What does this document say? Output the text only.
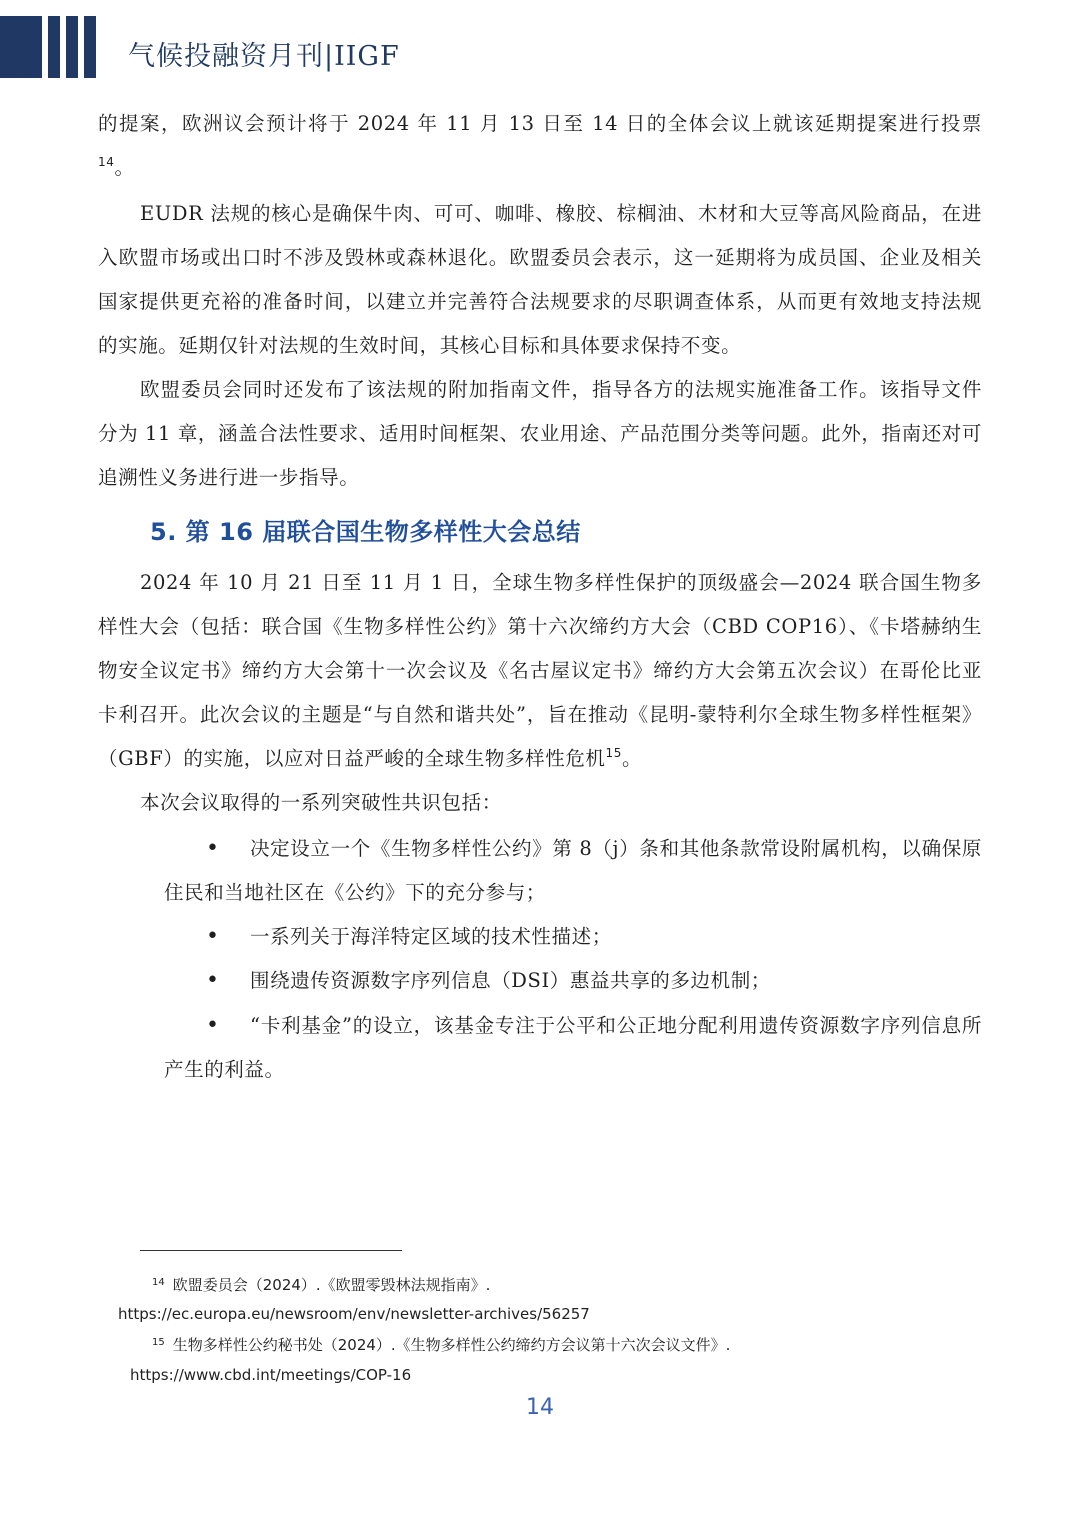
气候投融资月刊|IIGF

的提案，欧洲议会预计将于 2024 年 11 月 13 日至 14 日的全体会议上就该延期提案进行投票$^{14}$。

EUDR 法规的核心是确保牛肉、可可、咖啡、橡胶、棕榈油、木材和大豆等高风险商品，在进入欧盟市场或出口时不涉及毁林或森林退化。欧盟委员会表示，这一延期将为成员国、企业及相关国家提供更充裕的准备时间，以建立并完善符合法规要求的尽职调查体系，从而更有效地支持法规的实施。延期仅针对法规的生效时间，其核心目标和具体要求保持不变。

欧盟委员会同时还发布了该法规的附加指南文件，指导各方的法规实施准备工作。该指导文件分为 11 章，涵盖合法性要求、适用时间框架、农业用途、产品范围分类等问题。此外，指南还对可追溯性义务进行进一步指导。

5. 第 16 届联合国生物多样性大会总结

2024 年 10 月 21 日至 11 月 1 日，全球生物多样性保护的顶级盛会—2024 联合国生物多样性大会（包括：联合国《生物多样性公约》第十六次缔约方大会（CBD COP16）、《卡塔赫纳生物安全议定书》缔约方大会第十一次会议及《名古屋议定书》缔约方大会第五次会议）在哥伦比亚卡利召开。此次会议的主题是“与自然和谐共处”，旨在推动《昆明-蒙特利尔全球生物多样性框架》（GBF）的实施，以应对日益严峻的全球生物多样性危机$^{15}$。

本次会议取得的一系列突破性共识包括：

•	决定设立一个《生物多样性公约》第 8（j）条和其他条款常设附属机构，以确保原住民和当地社区在《公约》下的充分参与；

•	一系列关于海洋特定区域的技术性描述；

•	围绕遗传资源数字序列信息（DSI）惠益共享的多边机制；

•	“卡利基金”的设立，该基金专注于公平和公正地分配利用遗传资源数字序列信息所产生的利益。

$^{14}$ 欧盟委员会（2024）.《欧盟零毁林法规指南》.

https://ec.europa.eu/newsroom/env/newsletter-archives/56257

$^{15}$ 生物多样性公约秘书处（2024）.《生物多样性公约缔约方会议第十六次会议文件》.

https://www.cbd.int/meetings/COP-16

14
